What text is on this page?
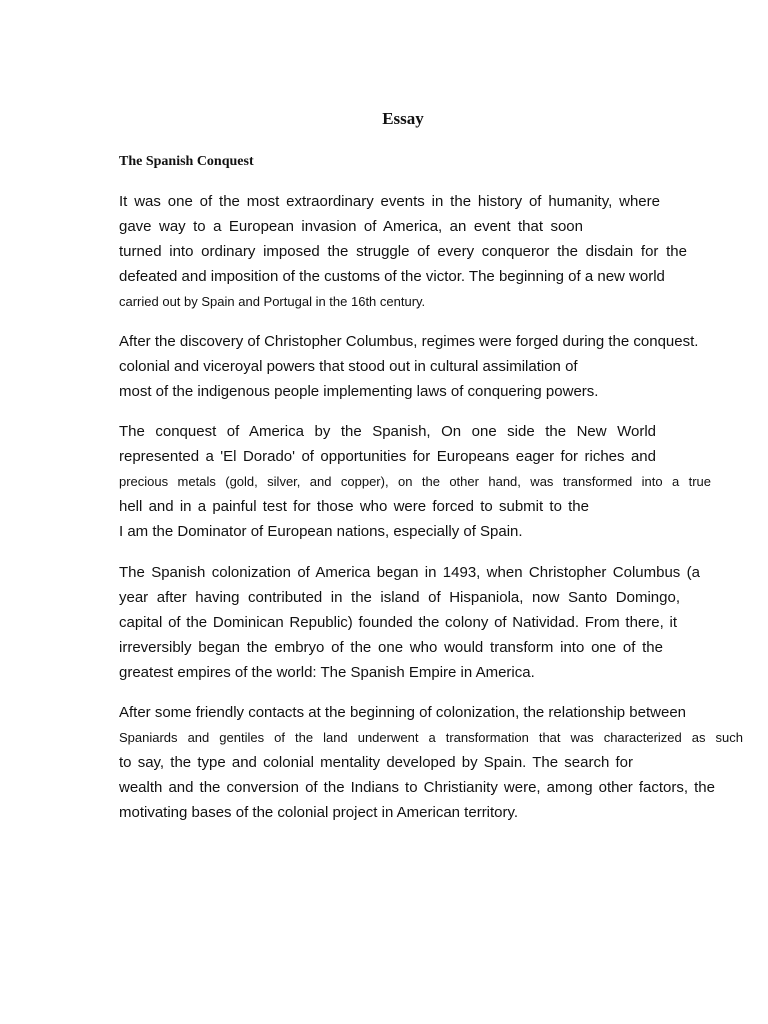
Essay
The Spanish Conquest
It was one of the most extraordinary events in the history of humanity, where
gave way to a European invasion of America, an event that soon
turned into ordinary imposed the struggle of every conqueror the disdain for the
defeated and imposition of the customs of the victor. The beginning of a new world
carried out by Spain and Portugal in the 16th century.
After the discovery of Christopher Columbus, regimes were forged during the conquest.
colonial and viceroyal powers that stood out in cultural assimilation of
most of the indigenous people implementing laws of conquering powers.
The conquest of America by the Spanish, On one side the New World
represented a 'El Dorado' of opportunities for Europeans eager for riches and
precious metals (gold, silver, and copper), on the other hand, was transformed into a true
hell and in a painful test for those who were forced to submit to the
I am the Dominator of European nations, especially of Spain.
The Spanish colonization of America began in 1493, when Christopher Columbus (a
year after having contributed in the island of Hispaniola, now Santo Domingo,
capital of the Dominican Republic) founded the colony of Natividad. From there, it
irreversibly began the embryo of the one who would transform into one of the
greatest empires of the world: The Spanish Empire in America.
After some friendly contacts at the beginning of colonization, the relationship between
Spaniards and gentiles of the land underwent a transformation that was characterized as such
to say, the type and colonial mentality developed by Spain. The search for
wealth and the conversion of the Indians to Christianity were, among other factors, the
motivating bases of the colonial project in American territory.
